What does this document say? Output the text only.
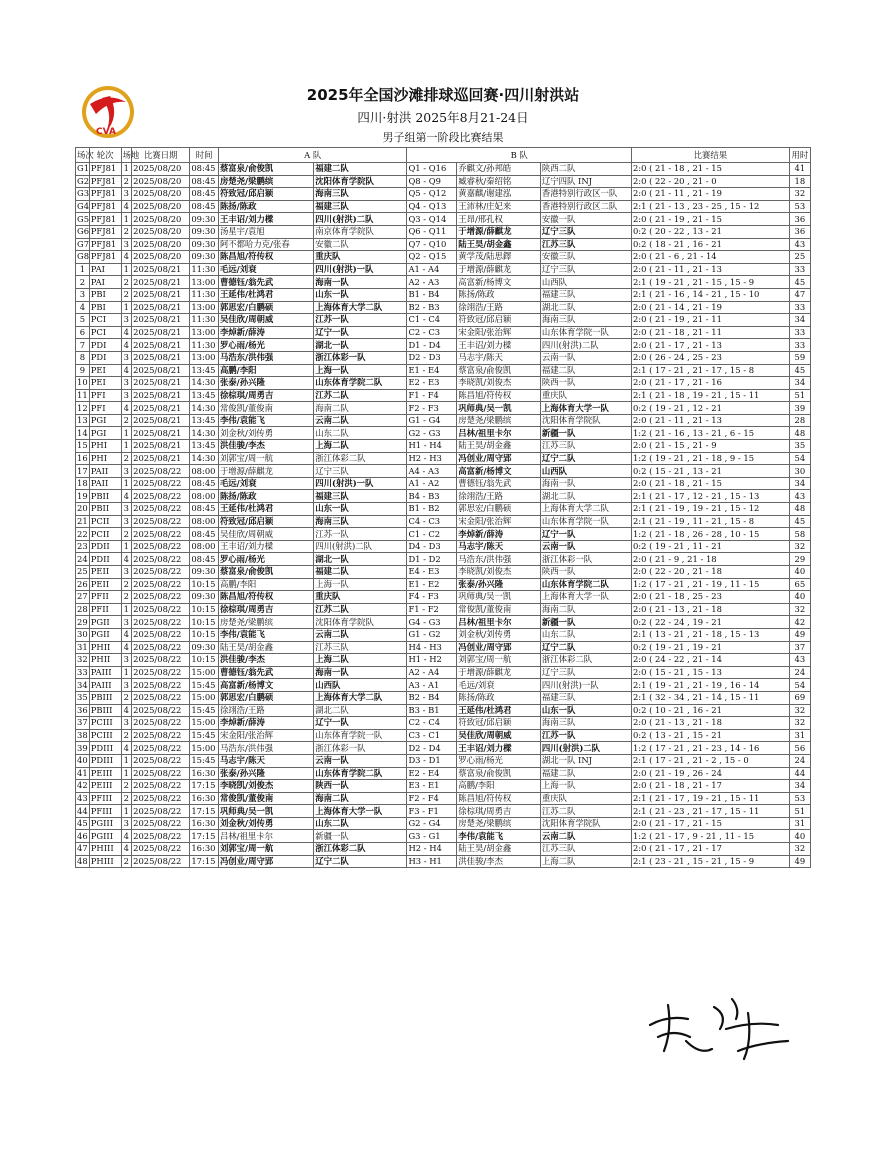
CVA
2025年全国沙滩排球巡回赛·四川射洪站
四川·射洪 2025年8月21-24日
男子组第一阶段比赛结果
场次	轮次	场地	比赛日期	时间	A 队		B 队			比赛结果	用时
G1	PFJ81	1	2025/08/20	08:45	蔡富泉/俞俊凯	福建二队	Q1 - Q16	乔麒文/孙邦皓	陕西二队	2:0 ( 21 - 18 , 21 - 15	41
G2	PFJ81	2	2025/08/20	08:45	房楚尧/梁鹏缤	沈阳体育学院队	Q8 - Q9	臧睿秋/秦绍铭	辽宁四队 INJ	2:0 ( 22 - 20 , 21 - 0	18
G3	PFJ81	3	2025/08/20	08:45	符致冠/邱启颖	海南三队	Q5 - Q12	黄嘉麒/谢建泓	香港特别行政区一队	2:0 ( 21 - 11 , 21 - 19	32
G4	PFJ81	4	2025/08/20	08:45	陈扬/陈政	福建三队	Q4 - Q13	王沛林/庄妃来	香港特别行政区二队	2:1 ( 21 - 13 , 23 - 25 , 15 - 12	53
G5	PFJ81	1	2025/08/20	09:30	王丰诏/刘力樑	四川(射洪)二队	Q3 - Q14	王昂/邢孔权	安徽一队	2:0 ( 21 - 19 , 21 - 15	36
G6	PFJ81	2	2025/08/20	09:30	汤星宇/袁旭	南京体育学院队	Q6 - Q11	于增源/薛麒龙	辽宁三队	0:2 ( 20 - 22 , 13 - 21	36
G7	PFJ81	3	2025/08/20	09:30	阿不都哈力克/张春	安徽二队	Q7 - Q10	陆王昊/胡金鑫	江苏三队	0:2 ( 18 - 21 , 16 - 21	43
G8	PFJ81	4	2025/08/20	09:30	陈昌旭/符传权	重庆队	Q2 - Q15	黄学茂/陆思鐸	安徽三队	2:0 ( 21 - 6 , 21 - 14	25
1	PAI	1	2025/08/21	11:30	毛远/刘衰	四川(射洪)一队	A1 - A4	于增源/薛麒龙	辽宁三队	2:0 ( 21 - 11 , 21 - 13	33
2	PAI	2	2025/08/21	13:00	曹德钰/翁先武	海南一队	A2 - A3	高富新/杨博文	山西队	2:1 ( 19 - 21 , 21 - 15 , 15 - 9	45
3	PBI	2	2025/08/21	11:30	王延伟/杜鸿君	山东一队	B1 - B4	陈扬/陈政	福建三队	2:1 ( 21 - 16 , 14 - 21 , 15 - 10	47
4	PBI	1	2025/08/21	13:00	郭思宏/白鹏硕	上海体育大学二队	B2 - B3	徐翊浩/王路	湖北二队	2:0 ( 21 - 14 , 21 - 19	33
5	PCI	3	2025/08/21	11:30	吴佳欣/周朝威	江苏一队	C1 - C4	符致冠/邱启颖	海南三队	2:0 ( 21 - 19 , 21 - 11	34
6	PCI	4	2025/08/21	13:00	李焯新/薛涛	辽宁一队	C2 - C3	宋金阳/张治辉	山东体育学院一队	2:0 ( 21 - 18 , 21 - 11	33
7	PDI	4	2025/08/21	11:30	罗心雨/杨光	湖北一队	D1 - D4	王丰诏/刘力樑	四川(射洪)二队	2:0 ( 21 - 17 , 21 - 13	33
8	PDI	3	2025/08/21	13:00	马浩东/洪伟强	浙江体彩一队	D2 - D3	马志宇/陈天	云南一队	2:0 ( 26 - 24 , 25 - 23	59
9	PEI	4	2025/08/21	13:45	高鹏/李阳	上海一队	E1 - E4	蔡富泉/俞俊凯	福建二队	2:1 ( 17 - 21 , 21 - 17 , 15 - 8	45
10	PEI	3	2025/08/21	14:30	张泰/孙兴隆	山东体育学院二队	E2 - E3	李晓凯/刘俊杰	陕西一队	2:0 ( 21 - 17 , 21 - 16	34
11	PFI	3	2025/08/21	13:45	徐棕琪/周勇吉	江苏二队	F1 - F4	陈昌旭/符传权	重庆队	2:1 ( 21 - 18 , 19 - 21 , 15 - 11	51
12	PFI	4	2025/08/21	14:30	常俊凯/董俊南	海南二队	F2 - F3	巩师典/吴一凯	上海体育大学一队	0:2 ( 19 - 21 , 12 - 21	39
13	PGI	2	2025/08/21	13:45	李伟/袁能飞	云南二队	G1 - G4	房楚尧/梁鹏缤	沈阳体育学院队	2:0 ( 21 - 11 , 21 - 13	28
14	PGI	1	2025/08/21	14:30	刘金秋/刘传勇	山东二队	G2 - G3	吕林/祖里卡尔	新疆一队	1:2 ( 21 - 16 , 13 - 21 , 6 - 15	48
15	PHI	1	2025/08/21	13:45	洪佳骏/李杰	上海二队	H1 - H4	陆王昊/胡金鑫	江苏三队	2:0 ( 21 - 15 , 21 - 9	35
16	PHI	2	2025/08/21	14:30	刘郭宝/周一航	浙江体彩二队	H2 - H3	冯创业/周守郢	辽宁二队	1:2 ( 19 - 21 , 21 - 18 , 9 - 15	54
17	PAII	3	2025/08/22	08:00	于增源/薛麒龙	辽宁三队	A4 - A3	高富新/杨博文	山西队	0:2 ( 15 - 21 , 13 - 21	30
18	PAII	1	2025/08/22	08:45	毛远/刘衰	四川(射洪)一队	A1 - A2	曹德钰/翁先武	海南一队	2:0 ( 21 - 18 , 21 - 15	34
19	PBII	4	2025/08/22	08:00	陈扬/陈政	福建三队	B4 - B3	徐翊浩/王路	湖北二队	2:1 ( 21 - 17 , 12 - 21 , 15 - 13	43
20	PBII	3	2025/08/22	08:45	王延伟/杜鸿君	山东一队	B1 - B2	郭思宏/白鹏硕	上海体育大学二队	2:1 ( 21 - 19 , 19 - 21 , 15 - 12	48
21	PCII	3	2025/08/22	08:00	符致冠/邱启颖	海南三队	C4 - C3	宋金阳/张治辉	山东体育学院一队	2:1 ( 21 - 19 , 11 - 21 , 15 - 8	45
22	PCII	2	2025/08/22	08:45	吴佳欣/周朝威	江苏一队	C1 - C2	李焯新/薛涛	辽宁一队	1:2 ( 21 - 18 , 26 - 28 , 10 - 15	58
23	PDII	1	2025/08/22	08:00	王丰诏/刘力樑	四川(射洪)二队	D4 - D3	马志宇/陈天	云南一队	0:2 ( 19 - 21 , 11 - 21	32
24	PDII	4	2025/08/22	08:45	罗心雨/杨光	湖北一队	D1 - D2	马浩东/洪伟强	浙江体彩一队	2:0 ( 21 - 9 , 21 - 18	29
25	PEII	3	2025/08/22	09:30	蔡富泉/俞俊凯	福建二队	E4 - E3	李晓凯/刘俊杰	陕西一队	2:0 ( 22 - 20 , 21 - 18	40
26	PEII	2	2025/08/22	10:15	高鹏/李阳	上海一队	E1 - E2	张泰/孙兴隆	山东体育学院二队	1:2 ( 17 - 21 , 21 - 19 , 11 - 15	65
27	PFII	2	2025/08/22	09:30	陈昌旭/符传权	重庆队	F4 - F3	巩师典/吴一凯	上海体育大学一队	2:0 ( 21 - 18 , 25 - 23	40
28	PFII	1	2025/08/22	10:15	徐棕琪/周勇吉	江苏二队	F1 - F2	常俊凯/董俊南	海南二队	2:0 ( 21 - 13 , 21 - 18	32
29	PGII	3	2025/08/22	10:15	房楚尧/梁鹏缤	沈阳体育学院队	G4 - G3	吕林/祖里卡尔	新疆一队	0:2 ( 22 - 24 , 19 - 21	42
30	PGII	4	2025/08/22	10:15	李伟/袁能飞	云南二队	G1 - G2	刘金秋/刘传勇	山东二队	2:1 ( 13 - 21 , 21 - 18 , 15 - 13	49
31	PHII	4	2025/08/22	09:30	陆王昊/胡金鑫	江苏三队	H4 - H3	冯创业/周守郢	辽宁二队	0:2 ( 19 - 21 , 19 - 21	37
32	PHII	3	2025/08/22	10:15	洪佳骏/李杰	上海二队	H1 - H2	刘郭宝/周一航	浙江体彩二队	2:0 ( 24 - 22 , 21 - 14	43
33	PAIII	1	2025/08/22	15:00	曹德钰/翁先武	海南一队	A2 - A4	于增源/薛麒龙	辽宁三队	2:0 ( 15 - 21 , 15 - 13	24
34	PAIII	3	2025/08/22	15:45	高富新/杨博文	山西队	A3 - A1	毛远/刘衰	四川(射洪)一队	2:1 ( 19 - 21 , 21 - 19 , 16 - 14	54
35	PBIII	2	2025/08/22	15:00	郭思宏/白鹏硕	上海体育大学二队	B2 - B4	陈扬/陈政	福建三队	2:1 ( 32 - 34 , 21 - 14 , 15 - 11	69
36	PBIII	4	2025/08/22	15:45	徐翊浩/王路	湖北二队	B3 - B1	王延伟/杜鸿君	山东一队	0:2 ( 10 - 21 , 16 - 21	32
37	PCIII	3	2025/08/22	15:00	李焯新/薛涛	辽宁一队	C2 - C4	符致冠/邱启颖	海南三队	2:0 ( 21 - 13 , 21 - 18	32
38	PCIII	2	2025/08/22	15:45	宋金阳/张治辉	山东体育学院一队	C3 - C1	吴佳欣/周朝威	江苏一队	0:2 ( 13 - 21 , 15 - 21	31
39	PDIII	4	2025/08/22	15:00	马浩东/洪伟强	浙江体彩一队	D2 - D4	王丰诏/刘力樑	四川(射洪)二队	1:2 ( 17 - 21 , 21 - 23 , 14 - 16	56
40	PDIII	1	2025/08/22	15:45	马志宇/陈天	云南一队	D3 - D1	罗心雨/杨光	湖北一队 INJ	2:1 ( 17 - 21 , 21 - 2 , 15 - 0	24
41	PEIII	1	2025/08/22	16:30	张泰/孙兴隆	山东体育学院二队	E2 - E4	蔡富泉/俞俊凯	福建二队	2:0 ( 21 - 19 , 26 - 24	44
42	PEIII	2	2025/08/22	17:15	李晓凯/刘俊杰	陕西一队	E3 - E1	高鹏/李阳	上海一队	2:0 ( 21 - 18 , 21 - 17	34
43	PFIII	2	2025/08/22	16:30	常俊凯/董俊南	海南二队	F2 - F4	陈昌旭/符传权	重庆队	2:1 ( 21 - 17 , 19 - 21 , 15 - 11	53
44	PFIII	1	2025/08/22	17:15	巩师典/吴一凯	上海体育大学一队	F3 - F1	徐棕琪/周勇吉	江苏二队	2:1 ( 21 - 23 , 21 - 17 , 15 - 11	51
45	PGIII	3	2025/08/22	16:30	刘金秋/刘传勇	山东二队	G2 - G4	房楚尧/梁鹏缤	沈阳体育学院队	2:0 ( 21 - 17 , 21 - 15	31
46	PGIII	4	2025/08/22	17:15	吕林/祖里卡尔	新疆一队	G3 - G1	李伟/袁能飞	云南二队	1:2 ( 21 - 17 , 9 - 21 , 11 - 15	40
47	PHIII	4	2025/08/22	16:30	刘郭宝/周一航	浙江体彩二队	H2 - H4	陆王昊/胡金鑫	江苏三队	2:0 ( 21 - 17 , 21 - 17	32
48	PHIII	2	2025/08/22	17:15	冯创业/周守郢	辽宁二队	H3 - H1	洪佳骏/李杰	上海二队	2:1 ( 23 - 21 , 15 - 21 , 15 - 9	49
